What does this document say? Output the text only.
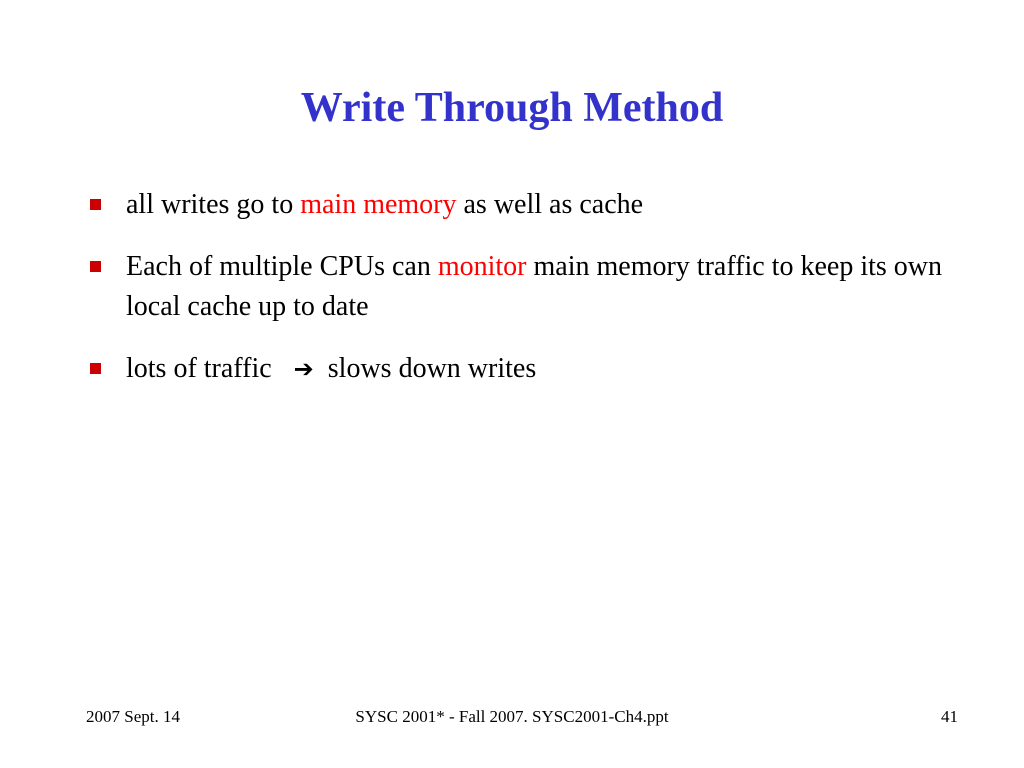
Write Through Method
all writes go to main memory as well as cache
Each of multiple CPUs can monitor main memory traffic to keep its own local cache up to date
lots of traffic ➔ slows down writes
2007 Sept. 14	SYSC 2001* - Fall 2007. SYSC2001-Ch4.ppt	41
